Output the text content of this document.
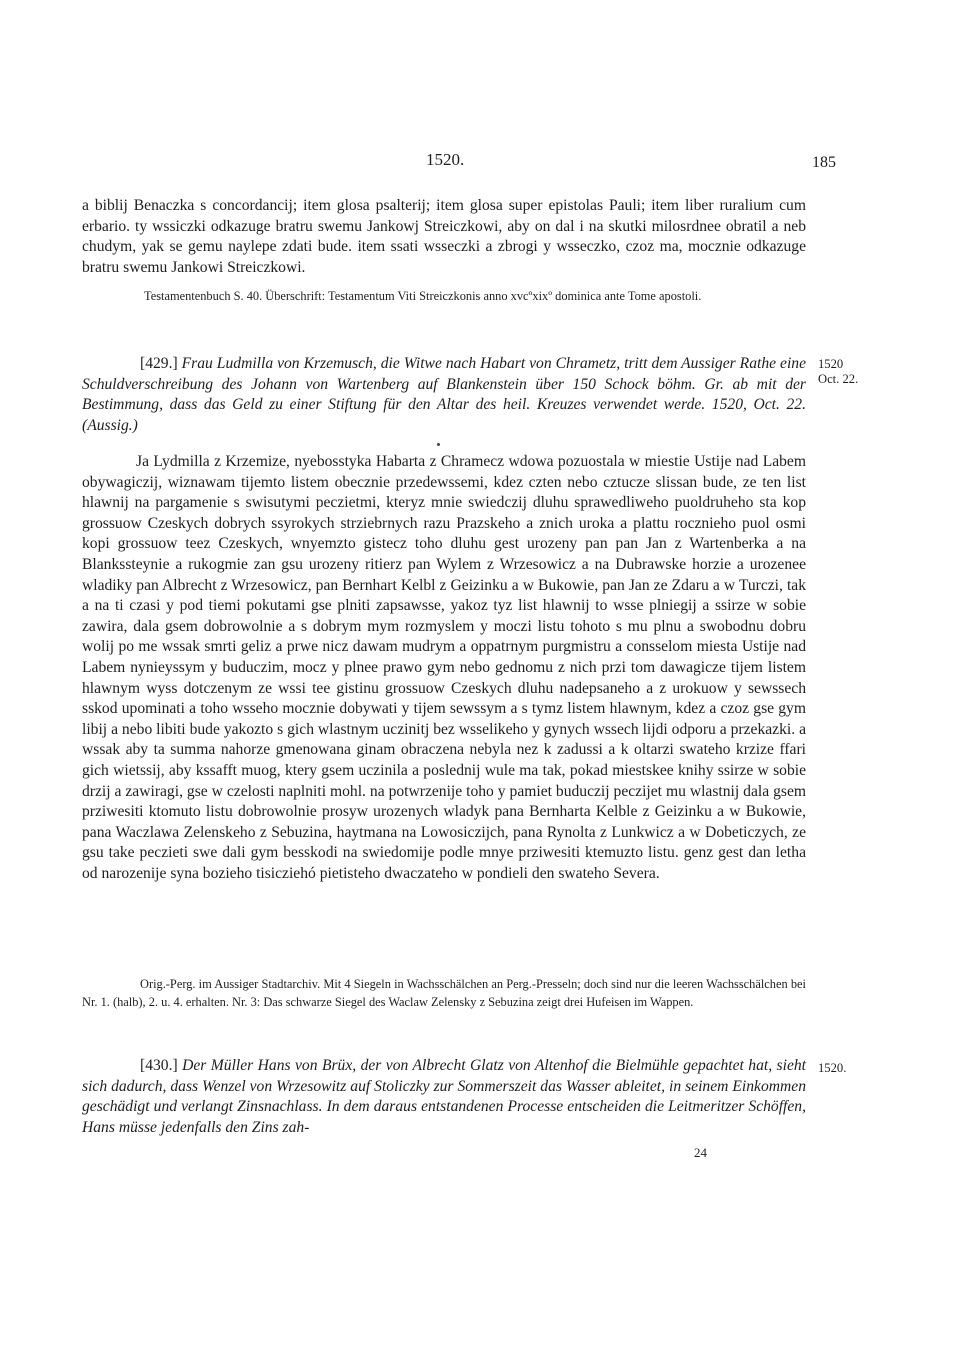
1520.	185

a biblij Benaczka s concordancij; item glosa psalterij; item glosa super epistolas Pauli; item liber ruralium cum erbario. ty wssiczki odkazuge bratru swemu Jankowj Streiczkowi, aby on dal i na skutki milosrdnee obratil a neb chudym, yak se gemu naylepe zdati bude. item ssati wsseczki a zbrogi y wsseczko, czoz ma, mocznie odkazuge bratru swemu Jankowi Streiczkowi.

Testamentenbuch S. 40. Überschrift: Testamentum Viti Streiczkonis anno xvcºxixº dominica ante Tome apostoli.

[429.] Frau Ludmilla von Krzemusch, die Witwe nach Habart von Chrametz, tritt dem Aussiger Rathe eine Schuldverschreibung des Johann von Wartenberg auf Blankenstein über 150 Schock böhm. Gr. ab mit der Bestimmung, dass das Geld zu einer Stiftung für den Altar des heil. Kreuzes verwendet werde. 1520, Oct. 22. (Aussig.)

1520
Oct. 22.

Ja Lydmilla z Krzemize, nyebosstyka Habarta z Chramecz wdowa pozuostala w miestie Ustije nad Labem obywagiczij, wiznawam tijemto listem obecznie przedewssemi, kdez czten nebo cztucze slissan bude, ze ten list hlawnij na pargamenie s swisutymi peczietmi, kteryz mnie swiedczij dluhu sprawedliweho puoldruheho sta kop grossuow Czeskych dobrych ssyrokych strziebrnych razu Prazskeho a znich uroka a plattu rocznieho puol osmi kopi grossuow teez Czeskych, wnyemzto gistecz toho dluhu gest urozeny pan pan Jan z Wartenberka a na Blankssteynie a rukogmie zan gsu urozeny ritierz pan Wylem z Wrzesowicz a na Dubrawske horzie a urozenee wladiky pan Albrecht z Wrzesowicz, pan Bernhart Kelbl z Geizinku a w Bukowie, pan Jan ze Zdaru a w Turczi, tak a na ti czasi y pod tiemi pokutami gse plniti zapsawsse, yakoz tyz list hlawnij to wsse plniegij a ssirze w sobie zawira, dala gsem dobrowolnie a s dobrym mym rozmyslem y moczi listu tohoto s mu plnu a swobodnu dobru wolij po me wssak smrti geliz a prwe nicz dawam mudrym a oppatrnym purgmistru a consselom miesta Ustije nad Labem nynieyssym y buduczim, mocz y plnee prawo gym nebo gednomu z nich przi tom dawagicze tijem listem hlawnym wyss dotczenym ze wssi tee gistinu grossuow Czeskych dluhu nadepsaneho a z urokuow y sewssech sskod upominati a toho wsseho mocznie dobywati y tijem sewssym a s tymz listem hlawnym, kdez a czoz gse gym libij a nebo libiti bude yakozto s gich wlastnym uczinitj bez wsselikeho y gynych wssech lijdi odporu a przekazki. a wssak aby ta summa nahorze gmenowana ginam obraczena nebyla nez k zadussi a k oltarzi swateho krzize ffari gich wietssij, aby kssafft muog, ktery gsem uczinila a poslednij wule ma tak, pokad miestskee knihy ssirze w sobie drzij a zawiragi, gse w czelosti naplniti mohl. na potwrzenije toho y pamiet buduczij peczijet mu wlastnij dala gsem prziwesiti ktomuto listu dobrowolnie prosyw urozenych wladyk pana Bernharta Kelble z Geizinku a w Bukowie, pana Waczlawa Zelenskeho z Sebuzina, haytmana na Lowosiczijch, pana Rynolta z Lunkwicz a w Dobeticzych, ze gsu take peczieti swe dali gym besskodi na swiedomije podle mnye prziwesiti ktemuzto listu. genz gest dan letha od narozenije syna bozieho tisicziehó pietisteho dwaczateho w pondieli den swateho Severa.

Orig.-Perg. im Aussiger Stadtarchiv. Mit 4 Siegeln in Wachsschälchen an Perg.-Presseln; doch sind nur die leeren Wachsschälchen bei Nr. 1. (halb), 2. u. 4. erhalten. Nr. 3: Das schwarze Siegel des Waclaw Zelensky z Sebuzina zeigt drei Hufeisen im Wappen.

[430.] Der Müller Hans von Brüx, der von Albrecht Glatz von Altenhof die Bielmühle gepachtet hat, sieht sich dadurch, dass Wenzel von Wrzesowitz auf Stoliczky zur Sommerszeit das Wasser ableitet, in seinem Einkommen geschädigt und verlangt Zinsnachlass. In dem daraus entstandenen Processe entscheiden die Leitmeritzer Schöffen, Hans müsse jedenfalls den Zins zah-

1520.
24
